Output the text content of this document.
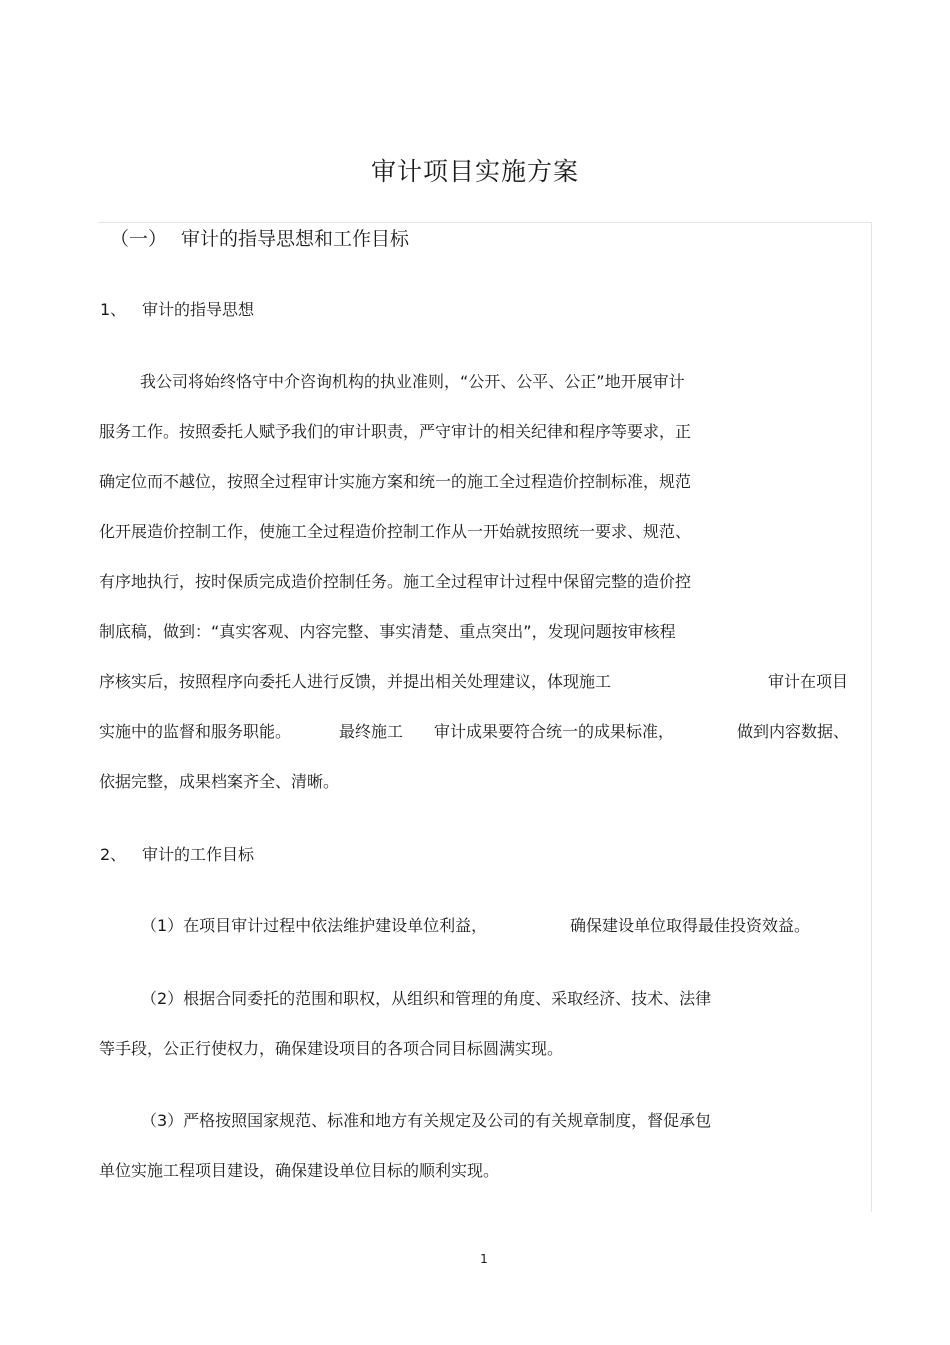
审计项目实施方案
（一） 审计的指导思想和工作目标
1、 审计的指导思想
我公司将始终恪守中介咨询机构的执业准则，“公开、公平、公正”地开展审计
服务工作。按照委托人赋予我们的审计职责，严守审计的相关纪律和程序等要求，正
确定位而不越位，按照全过程审计实施方案和统一的施工全过程造价控制标准，规范
化开展造价控制工作，使施工全过程造价控制工作从一开始就按照统一要求、规范、
有序地执行，按时保质完成造价控制任务。施工全过程审计过程中保留完整的造价控
制底稿，做到：“真实客观、内容完整、事实清楚、重点突出”，发现问题按审核程
序核实后，按照程序向委托人进行反馈，并提出相关处理建议，体现施工	审计在项目
实施中的监督和服务职能。	最终施工 审计成果要符合统一的成果标准，	做到内容数据、
依据完整，成果档案齐全、清晰。
2、 审计的工作目标
（1）在项目审计过程中依法维护建设单位利益，	确保建设单位取得最佳投资效益。
（2）根据合同委托的范围和职权，从组织和管理的角度、采取经济、技术、法律
等手段，公正行使权力，确保建设项目的各项合同目标圆满实现。
（3）严格按照国家规范、标准和地方有关规定及公司的有关规章制度，督促承包
单位实施工程项目建设，确保建设单位目标的顺利实现。
1
